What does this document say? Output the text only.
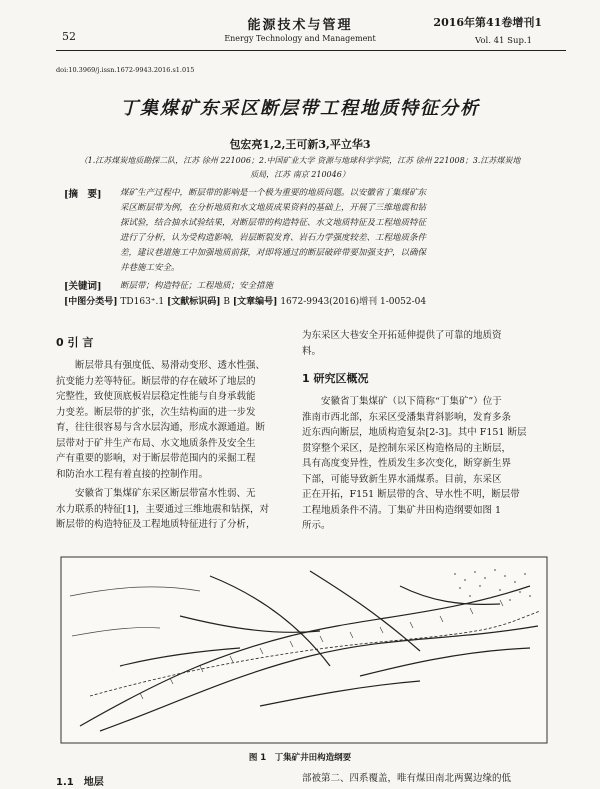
能源技术与管理
Energy Technology and Management
52
2016年第41卷增刊1
Vol. 41 Sup.1
doi:10.3969/j.issn.1672-9943.2016.s1.015
丁集煤矿东采区断层带工程地质特征分析
包宏亮1,2,王可新3,平立华3
（1.江苏煤炭地质勘探二队，江苏 徐州 221006；2.中国矿业大学 资源与地球科学学院，江苏 徐州 221008；3.江苏煤炭地
质局，江苏 南京 210046）
[摘　要] 煤矿生产过程中，断层带的影响是一个极为重要的地质问题。以安徽省丁集煤矿东
采区断层带为例，在分析地质和水文地质成果资料的基础上，开展了三维地震和钻
探试验，结合抽水试验结果，对断层带的构造特征、水文地质特征及工程地质特征
进行了分析，认为受构造影响，岩层断裂发育、岩石力学强度较差、工程地质条件
差，建议巷道施工中加强地质前探，对即将通过的断层破碎带要加强支护，以确保
井巷施工安全。
[关键词] 断层带；构造特征；工程地质；安全措施
[中图分类号] TD163⁺.1 [文献标识码] B [文章编号] 1672-9943(2016)增刊 1-0052-04
0 引 言
断层带具有强度低、易滑动变形、透水性强、
抗变能力差等特征。断层带的存在破坏了地层的
完整性，致使顶底板岩层稳定性能与自身承载能
力变差。断层带的扩张，次生结构面的进一步发
育，往往很容易与含水层沟通，形成水源通道。断
层带对于矿井生产布局、水文地质条件及安全生
产有重要的影响，对于断层带范围内的采掘工程
和防治水工程有着直接的控制作用。
安徽省丁集煤矿东采区断层带富水性弱、无
水力联系的特征[1]，主要通过三维地震和钻探，对
断层带的构造特征及工程地质特征进行了分析，
为东采区大巷安全开拓延伸提供了可靠的地质资
料。
1 研究区概况
安徽省丁集煤矿（以下简称“丁集矿”）位于
淮南市西北部，东采区受潘集背斜影响，发育多条
近东西向断层，地质构造复杂[2-3]。其中 F151 断层
贯穿整个采区，是控制东采区构造格局的主断层，
具有高度变异性，性质发生多次变化，断穿新生界
下部，可能导致新生界水涌煤系。目前，东采区
正在开拓，F151 断层带的含、导水性不明，断层带
工程地质条件不清。丁集矿井田构造纲要如图 1
所示。
图 1　丁集矿井田构造纲要
1.1　地层	部被第二、四系覆盖，唯有煤田南北两翼边缘的低
